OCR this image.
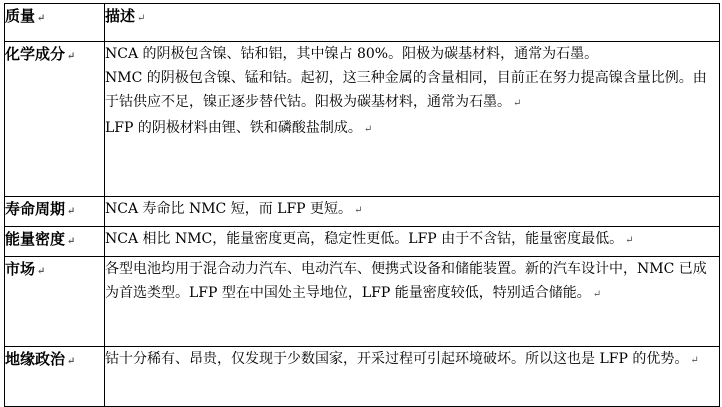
质量 ↵	描述 ↵
化学成分 ↵	NCA 的阴极包含镍、钴和铝，其中镍占 80%。阳极为碳基材料，通常为石墨。

NMC 的阴极包含镍、锰和钴。起初，这三种金属的含量相同，目前正在努力提高镍含量比例。由于钴供应不足，镍正逐步替代钴。阳极为碳基材料，通常为石墨。 ↵

LFP 的阴极材料由锂、铁和磷酸盐制成。 ↵

寿命周期 ↵	NCA 寿命比 NMC 短，而 LFP 更短。 ↵

能量密度 ↵	NCA 相比 NMC，能量密度更高，稳定性更低。LFP 由于不含钴，能量密度最低。 ↵

市场 ↵	各型电池均用于混合动力汽车、电动汽车、便携式设备和储能装置。新的汽车设计中，NMC 已成为首选类型。LFP 型在中国处主导地位，LFP 能量密度较低，特别适合储能。 ↵

地缘政治 ↵	钴十分稀有、昂贵，仅发现于少数国家，开采过程可引起环境破坏。所以这也是 LFP 的优势。 ↵
